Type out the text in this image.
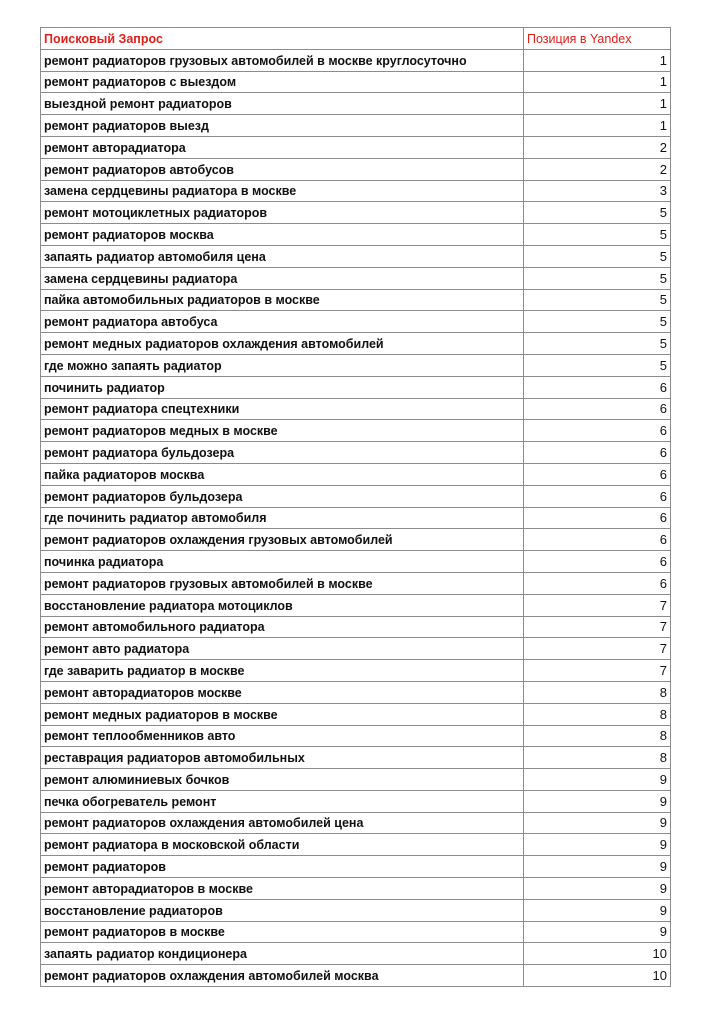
Поисковый Запрос	Позиция в Yandex
ремонт радиаторов грузовых автомобилей в москве круглосуточно	1
ремонт радиаторов с выездом	1
выездной ремонт радиаторов	1
ремонт радиаторов выезд	1
ремонт авторадиатора	2
ремонт радиаторов автобусов	2
замена сердцевины радиатора в москве	3
ремонт мотоциклетных радиаторов	5
ремонт радиаторов москва	5
запаять радиатор автомобиля цена	5
замена сердцевины радиатора	5
пайка автомобильных радиаторов в москве	5
ремонт радиатора автобуса	5
ремонт медных радиаторов охлаждения автомобилей	5
где можно запаять радиатор	5
починить радиатор	6
ремонт радиатора спецтехники	6
ремонт радиаторов медных в москве	6
ремонт радиатора бульдозера	6
пайка радиаторов москва	6
ремонт радиаторов бульдозера	6
где починить радиатор автомобиля	6
ремонт радиаторов охлаждения грузовых автомобилей	6
починка радиатора	6
ремонт радиаторов грузовых автомобилей в москве	6
восстановление радиатора мотоциклов	7
ремонт автомобильного радиатора	7
ремонт авто радиатора	7
где заварить радиатор в москве	7
ремонт авторадиаторов москве	8
ремонт медных радиаторов в москве	8
ремонт теплообменников авто	8
реставрация радиаторов автомобильных	8
ремонт алюминиевых бочков	9
печка обогреватель ремонт	9
ремонт радиаторов охлаждения автомобилей цена	9
ремонт радиатора в московской области	9
ремонт радиаторов	9
ремонт авторадиаторов в москве	9
восстановление радиаторов	9
ремонт радиаторов в москве	9
запаять радиатор кондиционера	10
ремонт радиаторов охлаждения автомобилей москва	10
